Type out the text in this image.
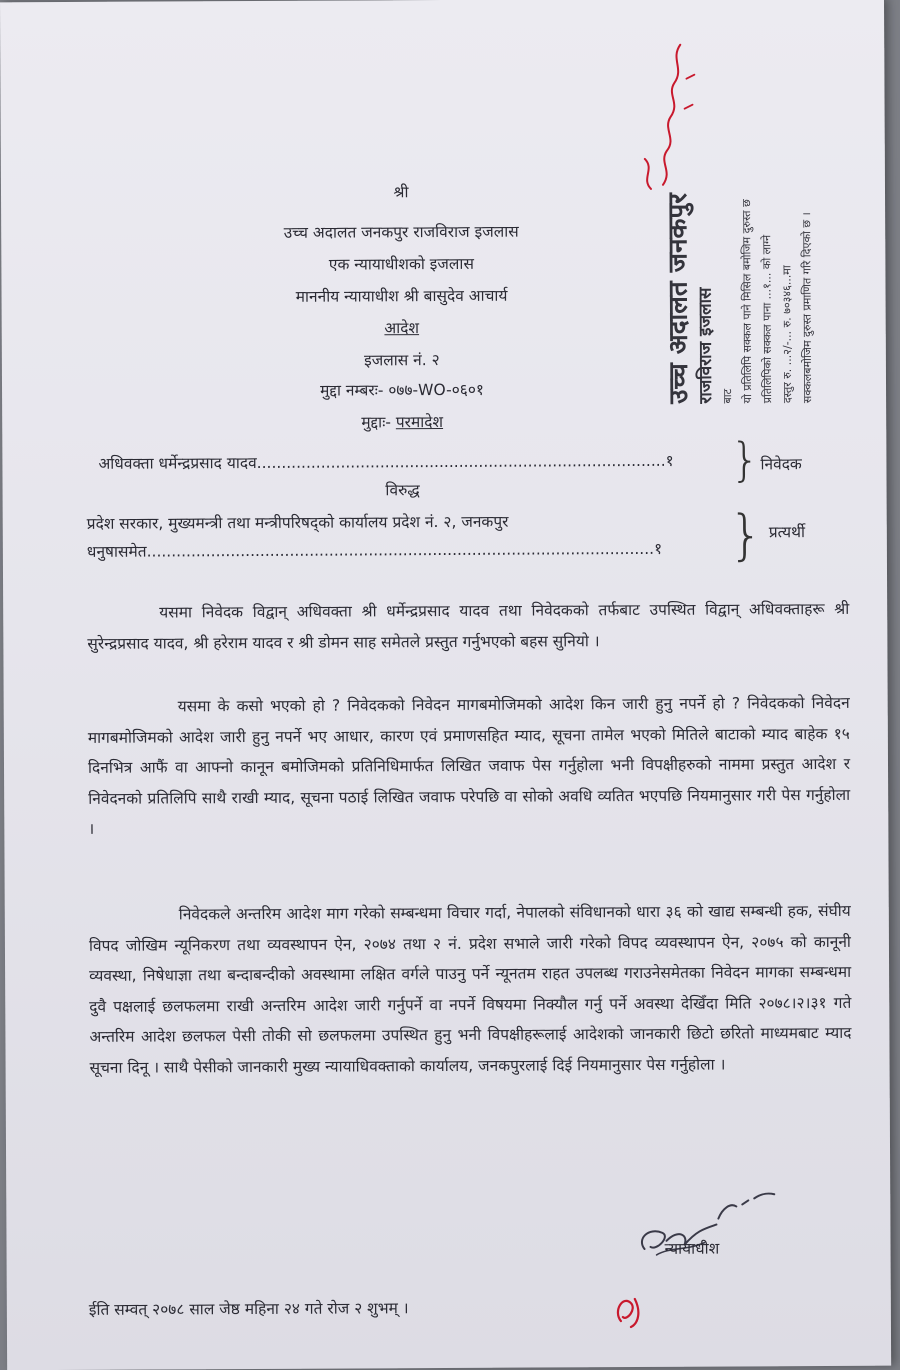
श्री
उच्च अदालत जनकपुर राजविराज इजलास
एक न्यायाधीशको इजलास
माननीय न्यायाधीश श्री बासुदेव आचार्य
आदेश
इजलास नं. २
मुद्दा नम्बरः- ०७७-WO-०६०१
मुद्दाः- परमादेश
अधिवक्ता धर्मेन्द्रप्रसाद यादव...................................................................................१ } निवेदक
विरुद्ध
प्रदेश सरकार, मुख्यमन्त्री तथा मन्त्रीपरिषद्को कार्यालय प्रदेश नं. २, जनकपुर
धनुषासमेत.......................................................................................................१ } प्रत्यर्थी
यसमा निवेदक विद्वान् अधिवक्ता श्री धर्मेन्द्रप्रसाद यादव तथा निवेदकको तर्फबाट उपस्थित विद्वान् अधिवक्ताहरू श्री सुरेन्द्रप्रसाद यादव, श्री हरेराम यादव र श्री डोमन साह समेतले प्रस्तुत गर्नुभएको बहस सुनियो ।
यसमा के कसो भएको हो ? निवेदकको निवेदन मागबमोजिमको आदेश किन जारी हुनु नपर्ने हो ? निवेदकको निवेदन मागबमोजिमको आदेश जारी हुनु नपर्ने भए आधार, कारण एवं प्रमाणसहित म्याद, सूचना तामेल भएको मितिले बाटाको म्याद बाहेक १५ दिनभित्र आफैं वा आफ्नो कानून बमोजिमको प्रतिनिधिमार्फत लिखित जवाफ पेस गर्नुहोला भनी विपक्षीहरुको नाममा प्रस्तुत आदेश र निवेदनको प्रतिलिपि साथै राखी म्याद, सूचना पठाई लिखित जवाफ परेपछि वा सोको अवधि व्यतित भएपछि नियमानुसार गरी पेस गर्नुहोला ।
निवेदकले अन्तरिम आदेश माग गरेको सम्बन्धमा विचार गर्दा, नेपालको संविधानको धारा ३६ को खाद्य सम्बन्धी हक, संघीय विपद जोखिम न्यूनिकरण तथा व्यवस्थापन ऐन, २०७४ तथा २ नं. प्रदेश सभाले जारी गरेको विपद व्यवस्थापन ऐन, २०७५ को कानूनी व्यवस्था, निषेधाज्ञा तथा बन्दाबन्दीको अवस्थामा लक्षित वर्गले पाउनु पर्ने न्यूनतम राहत उपलब्ध गराउनेसमेतका निवेदन मागका सम्बन्धमा दुवै पक्षलाई छलफलमा राखी अन्तरिम आदेश जारी गर्नुपर्ने वा नपर्ने विषयमा निक्यौल गर्नु पर्ने अवस्था देखिँदा मिति २०७८।२।३१ गते अन्तरिम आदेश छलफल पेसी तोकी सो छलफलमा उपस्थित हुनु भनी विपक्षीहरूलाई आदेशको जानकारी छिटो छरितो माध्यमबाट म्याद सूचना दिनू । साथै पेसीको जानकारी मुख्य न्यायाधिवक्ताको कार्यालय, जनकपुरलाई दिई नियमानुसार पेस गर्नुहोला ।
न्यायाधीश
ईति सम्वत् २०७८ साल जेष्ठ महिना २४ गते रोज २ शुभम् ।
उच्च अदालत जनकपुर राजविराज इजलास बाट यो प्रतिलिपि सक्कल पाने मिसिल बमोजिम दुरुस्त छ प्रतिलिपिको सक्कल पाना ...१... को लाग्ने दस्तुर रु. ...२/-... रु. ७०३४६...मा सक्कलबमोजिम दुरुस्त प्रमाणित गरि दिएको छ ।
